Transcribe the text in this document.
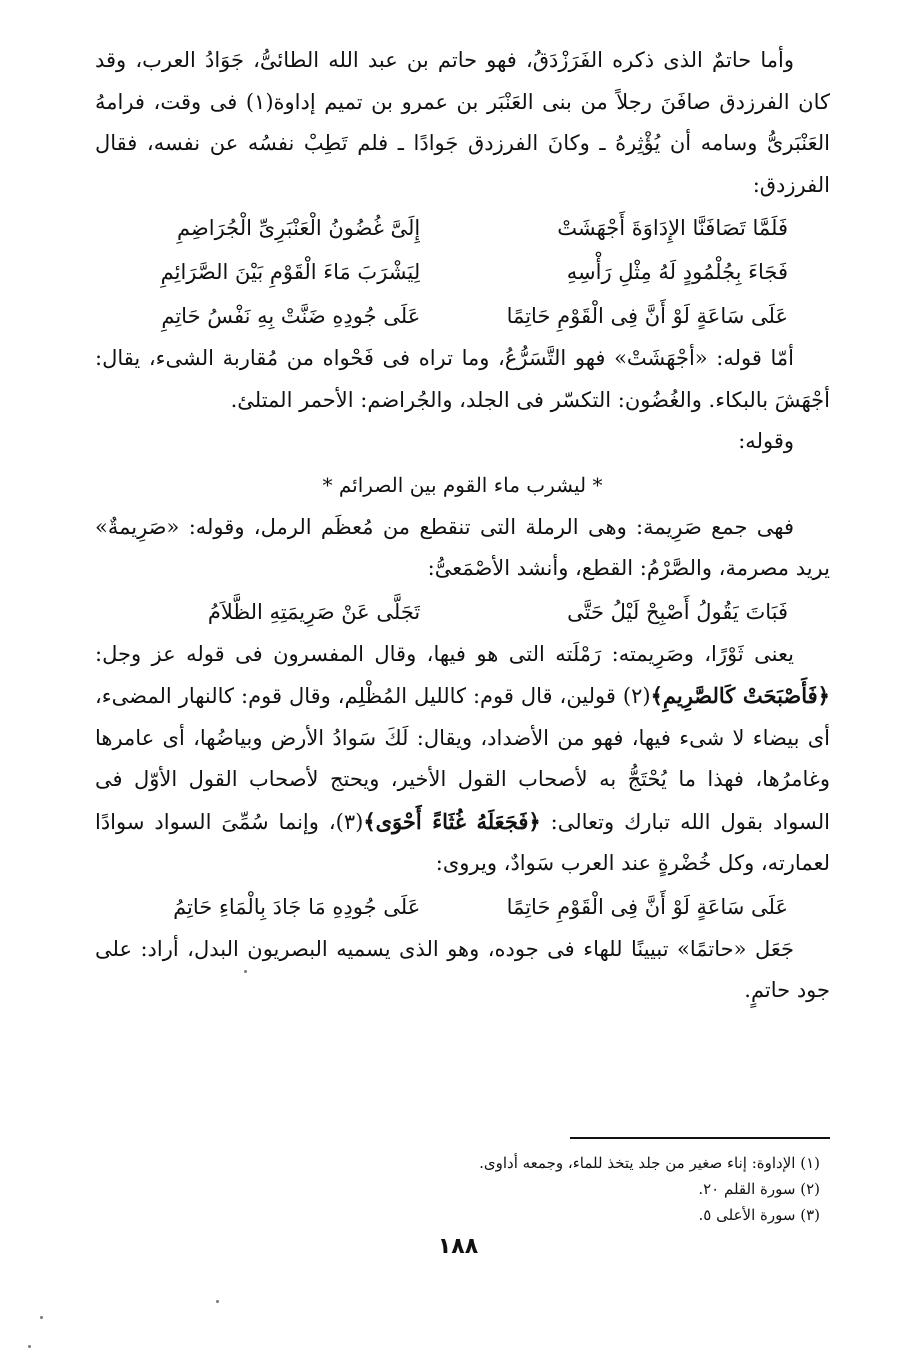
وأما حاتمٌ الذى ذكره الفَرَزْدَقُ، فهو حاتم بن عبد الله الطائىُّ، جَوَادُ العرب، وقد كان الفرزدق صافَنَ رجلاً من بنى العَنْبَر بن عمرو بن تميم إداوة(١) فى وقت، فرامهُ العَنْبَرىُّ وسامه أن يُؤْثِرهُ ـ وكانَ الفرزدق جَوادًا ـ فلم تَطِبْ نفسُه عن نفسه، فقال الفرزدق:

فَلَمَّا تَصَافَنَّا الإِدَاوَةَ أَجْهَشَتْ
إِلَىَّ غُضُونُ الْعَنْبَرِىِّ الْجُرَاضِمِ
فَجَاءَ بِجُلْمُودٍ لَهُ مِثْلِ رَأْسِهِ
لِيَشْرَبَ مَاءَ الْقَوْمِ بَيْنَ الصَّرَائِمِ
عَلَى سَاعَةٍ لَوْ أَنَّ فِى الْقَوْمِ حَاتِمًا
عَلَى جُودِهِ ضَنَّتْ بِهِ نَفْسُ حَاتِمِ

أمّا قوله: «أجْهَشَتْ» فهو التَّسَرُّعُ، وما تراه فى فَحْواه من مُقاربة الشىء، يقال: أجْهَشَ بالبكاء. والغُضُون: التكسّر فى الجلد، والجُراضم: الأحمر المتلئ.

وقوله:

* ليشرب ماء القوم بين الصرائم *

فهى جمع صَرِيمة: وهى الرملة التى تنقطع من مُعظَم الرمل، وقوله: «صَرِيمةٌ» يريد مصرمة، والصَّرْمُ: القطع، وأنشد الأصْمَعىُّ:

فَبَاتَ يَقُولُ أَصْبِحْ لَيْلُ حَتَّى
تَجَلَّى عَنْ صَرِيمَتِهِ الظَّلاَمُ

يعنى ثَوْرًا، وصَرِيمته: رَمْلَته التى هو فيها، وقال المفسرون فى قوله عز وجل: ﴿فَأَصْبَحَتْ كَالصَّرِيمِ﴾(٢) قولين، قال قوم: كالليل المُظْلِم، وقال قوم: كالنهار المضىء، أى بيضاء لا شىء فيها، فهو من الأضداد، ويقال: لَكَ سَوادُ الأرض وبياضُها، أى عامرها وغامرُها، فهذا ما يُحْتَجُّ به لأصحاب القول الأخير، ويحتج لأصحاب القول الأوّل فى السواد بقول الله تبارك وتعالى: ﴿فَجَعَلَهُ غُثَاءً أَحْوَى﴾(٣)، وإنما سُمِّىَ السواد سوادًا لعمارته، وكل خُضْرةٍ عند العرب سَوادٌ، ويروى:

عَلَى سَاعَةٍ لَوْ أَنَّ فِى الْقَوْمِ حَاتِمًا
عَلَى جُودِهِ مَا جَادَ بِالْمَاءِ حَاتِمُ

جَعَل «حاتمًا» تبيينًا للهاء فى جوده، وهو الذى يسميه البصريون البدل، أراد: على جود حاتمٍ.

(١) الإداوة: إناء صغير من جلد يتخذ للماء، وجمعه أداوى.

(٢) سورة القلم ٢٠.

(٣) سورة الأعلى ٥.

١٨٨
